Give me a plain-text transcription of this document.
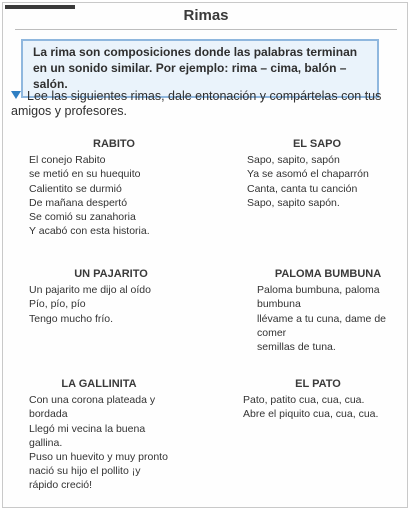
Rimas
La rima son composiciones donde las palabras terminan en un sonido similar. Por ejemplo: rima – cima, balón – salón.
Lee las siguientes rimas, dale entonación y compártelas con tus amigos y profesores.
RABITO
El conejo Rabito
se metió en su huequito
Calientito se durmió
De mañana despertó
Se comió su zanahoria
Y acabó con esta historia.
EL SAPO
Sapo, sapito, sapón
Ya se asomó el chaparrón
Canta, canta tu canción
Sapo, sapito sapón.
UN PAJARITO
Un pajarito me dijo al oído
Pío, pío, pío
Tengo mucho frío.
PALOMA BUMBUNA
Paloma bumbuna, paloma bumbuna
llévame a tu cuna, dame de comer
semillas de tuna.
LA GALLINITA
Con una corona plateada y bordada
Llegó mi vecina la buena gallina.
Puso un huevito y muy pronto nació su hijo el pollito ¡y rápido creció!
EL PATO
Pato, patito cua, cua, cua.
Abre el piquito cua, cua, cua.
